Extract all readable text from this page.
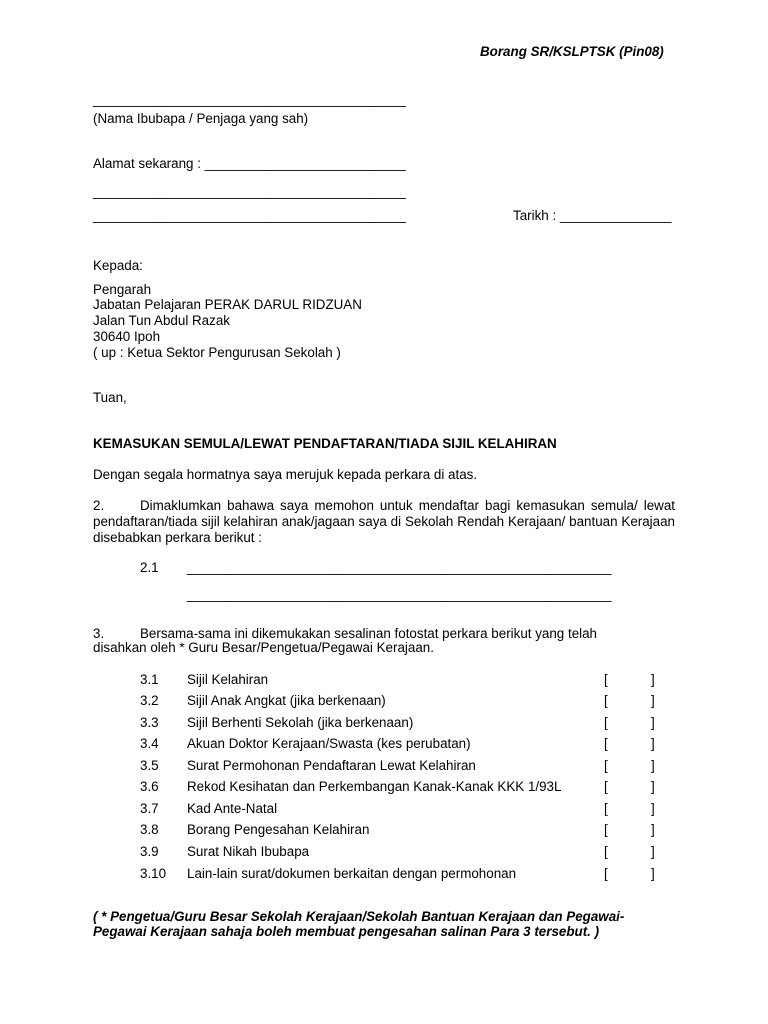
Borang SR/KSLPTSK (Pin08)
__________________________________________
(Nama Ibubapa / Penjaga yang sah)
Alamat sekarang : ___________________________
__________________________________________
__________________________________________	Tarikh : _______________
Kepada:
Pengarah
Jabatan Pelajaran PERAK DARUL RIDZUAN
Jalan Tun Abdul Razak
30640 Ipoh
( up : Ketua Sektor Pengurusan Sekolah )
Tuan,
KEMASUKAN SEMULA/LEWAT PENDAFTARAN/TIADA SIJIL KELAHIRAN
Dengan segala hormatnya saya merujuk kepada perkara di atas.
2.	Dimaklumkan bahawa saya memohon untuk mendaftar bagi kemasukan semula/ lewat pendaftaran/tiada sijil kelahiran anak/jagaan saya di Sekolah Rendah Kerajaan/ bantuan Kerajaan disebabkan perkara berikut :
2.1 _________________________________________________________
_________________________________________________________
3.	Bersama-sama ini dikemukakan sesalinan fotostat perkara berikut yang telah
disahkan oleh * Guru Besar/Pengetua/Pegawai Kerajaan.
3.1 Sijil Kelahiran	[	]
3.2 Sijil Anak Angkat (jika berkenaan)	[	]
3.3 Sijil Berhenti Sekolah (jika berkenaan)	[	]
3.4 Akuan Doktor Kerajaan/Swasta (kes perubatan)	[	]
3.5 Surat Permohonan Pendaftaran Lewat Kelahiran	[	]
3.6 Rekod Kesihatan dan Perkembangan Kanak-Kanak KKK 1/93L	[	]
3.7 Kad Ante-Natal	[	]
3.8 Borang Pengesahan Kelahiran	[	]
3.9 Surat Nikah Ibubapa	[	]
3.10 Lain-lain surat/dokumen berkaitan dengan permohonan	[	]
( * Pengetua/Guru Besar Sekolah Kerajaan/Sekolah Bantuan Kerajaan dan Pegawai-
Pegawai Kerajaan sahaja boleh membuat pengesahan salinan Para 3 tersebut. )
